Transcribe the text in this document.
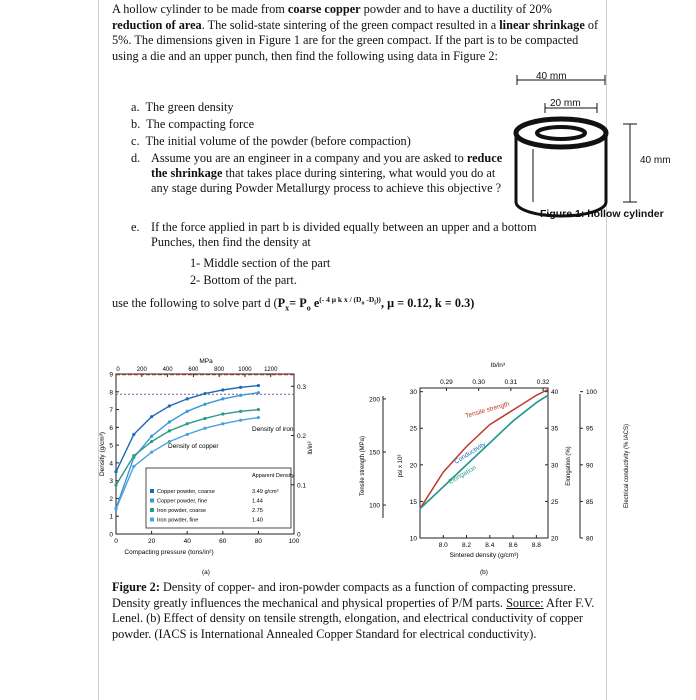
A hollow cylinder to be made from coarse copper powder and to have a ductility of 20% reduction of area. The solid-state sintering of the green compact resulted in a linear shrinkage of 5%. The dimensions given in Figure 1 are for the green compact. If the part is to be compacted using a die and an upper punch, then find the following using data in Figure 2:
a. The green density
b. The compacting force
c. The initial volume of the powder (before compaction)
d. Assume you are an engineer in a company and you are asked to reduce the shrinkage that takes place during sintering, what would you do at any stage during Powder Metallurgy process to achieve this objective ?
e. If the force applied in part b is divided equally between an upper and a bottom Punches, then find the density at
1- Middle section of the part
2- Bottom of the part.
use the following to solve part d ($P_x= P_o$ $e^{(- 4 \mu k x / (D_o -D_i))}$, μ = 0.12, k = 0.3)
40 mm
20 mm
40 mm
Figure 1: hollow cylinder
0
1
2
3
4
5
6
7
8
9
0	20	40	60	80	100
0	200	400	600	800 1000 1200
MPa
0
0.1
0.2
0.3
lb/in³
Density (g/cm³)
Compacting pressure (tons/in²)
(a)
Density of iron
Density of copper
Apparent Density
Copper powder, coarse	3.49 g/cm³
Copper powder, fine	1.44
Iron powder, coarse	2.75
Iron powder, fine	1.40
10
15
20
25
30
psi x 10³
100
150
200
Tensile strength (MPa)
8.0 8.2 8.4 8.6 8.8
Sintered density (g/cm³)
(b)
0.29	0.30	0.31	0.32
lb/in³
20
25
30
35
40
Elongation (%)
80
85
90
95
100
Electrical conductivity (% IACS)
Tensile strength
Conductivity
Elongation
Figure 2: Density of copper- and iron-powder compacts as a function of compacting pressure. Density greatly influences the mechanical and physical properties of P/M parts. Source: After F.V. Lenel. (b) Effect of density on tensile strength, elongation, and electrical conductivity of copper powder. (IACS is International Annealed Copper Standard for electrical conductivity).
